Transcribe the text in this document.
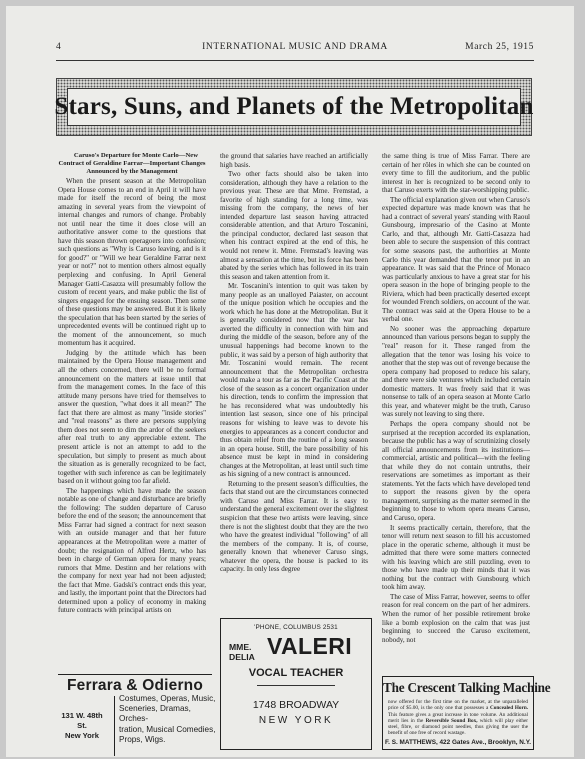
4	INTERNATIONAL MUSIC AND DRAMA	March 25, 1915
Stars, Suns, and Planets of the Metropolitan

Caruso's Departure for Monte Carlo—New Contract of Geraldine Farrar—Important Changes Announced by the Management

When the present season at the Metropolitan Opera House comes to an end in April it will have made for itself the record of being the most amazing in several years from the viewpoint of internal changes and rumors of change. Probably not until near the time it does close will an authoritative answer come to the questions that have this season thrown operagoers into confusion; such questions as "Why is Caruso leaving, and is it for good?" or "Will we hear Geraldine Farrar next year or not?" not to mention others almost equally perplexing and confusing. In April General Manager Gatti-Casazza will presumably follow the custom of recent years, and make public the list of singers engaged for the ensuing season. Then some of these questions may be answered. But it is likely the speculation that has been started by the series of unprecedented events will be continued right up to the moment of the announcement, so much momentum has it acquired.

Judging by the attitude which has been maintained by the Opera House management and all the others concerned, there will be no formal announcement on the matters at issue until that from the management comes. In the face of this attitude many persons have tried for themselves to answer the question, "what does it all mean?" The fact that there are almost as many "inside stories" and "real reasons" as there are persons supplying them does not seem to dim the ardor of the seekers after real truth to any appreciable extent. The present article is not an attempt to add to the speculation, but simply to present as much about the situation as is generally recognized to be fact, together with such inference as can be legitimately based on it without going too far afield.

The happenings which have made the season notable as one of change and disturbance are briefly the following: The sudden departure of Caruso before the end of the season; the announcement that Miss Farrar had signed a contract for next season with an outside manager and that her future appearances at the Metropolitan were a matter of doubt; the resignation of Alfred Hertz, who has been in charge of German opera for many years; rumors that Mme. Destinn and her relations with the company for next year had not been adjusted; the fact that Mme. Gadski's contract ends this year, and lastly, the important point that the Directors had determined upon a policy of economy in making future contracts with principal artists on

the ground that salaries have reached an artificially high basis.

Two other facts should also be taken into consideration, although they have a relation to the previous year. These are that Mme. Fremstad, a favorite of high standing for a long time, was missing from the company, the news of her intended departure last season having attracted considerable attention, and that Arturo Toscanini, the principal conductor, declared last season that when his contract expired at the end of this, he would not renew it. Mme. Fremstad's leaving was almost a sensation at the time, but its force has been abated by the series which has followed in its train this season and taken attention from it.

Mr. Toscanini's intention to quit was taken by many people as an unalloyed Paiaster, on account of the unique position which he occupies and the work which he has done at the Metropolitan. But it is generally considered now that the war has averted the difficulty in connection with him and during the middle of the season, before any of the unusual happenings had become known to the public, it was said by a person of high authority that Mr. Toscanini would remain. The recent announcement that the Metropolitan orchestra would make a tour as far as the Pacific Coast at the close of the season as a concert organization under his direction, tends to confirm the impression that he has reconsidered what was undoubtedly his intention last season, since one of his principal reasons for wishing to leave was to devote his energies to appearances as a concert conductor and thus obtain relief from the routine of a long season in an opera house. Still, the bare possibility of his absence must be kept in mind in considering changes at the Metropolitan, at least until such time as his signing of a new contract is announced.

Returning to the present season's difficulties, the facts that stand out are the circumstances connected with Caruso and Miss Farrar. It is easy to understand the general excitement over the slightest suspicion that these two artists were leaving, since there is not the slightest doubt that they are the two who have the greatest individual "following" of all the members of the company. It is, of course, generally known that whenever Caruso sings, whatever the opera, the house is packed to its capacity. In only less degree

the same thing is true of Miss Farrar. There are certain of her rôles in which she can be counted on every time to fill the auditorium, and the public interest in her is recognized to be second only to that Caruso exerts with the star-worshipping public.

The official explanation given out when Caruso's expected departure was made known was that he had a contract of several years' standing with Raoul Gunsbourg, impresario of the Casino at Monte Carlo, and that, although Mr. Gatti-Casazza had been able to secure the suspension of this contract for some seasons past, the authorities at Monte Carlo this year demanded that the tenor put in an appearance. It was said that the Prince of Monaco was particularly anxious to have a great star for his opera season in the hope of bringing people to the Riviera, which had been practically deserted except for wounded French soldiers, on account of the war. The contract was said at the Opera House to be a verbal one.

No sooner was the approaching departure announced than various persons began to supply the "real" reason for it. These ranged from the allegation that the tenor was losing his voice to another that the step was out of revenge because the opera company had proposed to reduce his salary, and there were side ventures which included certain domestic matters. It was freely said that it was nonsense to talk of an opera season at Monte Carlo this year, and whatever might be the truth, Caruso was surely not leaving to sing there.

Perhaps the opera company should not be surprised at the reception accorded its explanation, because the public has a way of scrutinizing closely all official announcements from its institutions—commercial, artistic and political—with the feeling that while they do not contain untruths, their reservations are sometimes as important as their statements. Yet the facts which have developed tend to support the reasons given by the opera management, surprising as the matter seemed in the beginning to those to whom opera means Caruso, and Caruso, opera.

It seems practically certain, therefore, that the tenor will return next season to fill his accustomed place in the operatic scheme, although it must be admitted that there were some matters connected with his leaving which are still puzzling, even to those who have made up their minds that it was nothing but the contract with Gunsbourg which took him away.

The case of Miss Farrar, however, seems to offer reason for real concern on the part of her admirers. When the rumor of her possible retirement broke like a bomb explosion on the calm that was just beginning to succeed the Caruso excitement, nobody, not

Ferrara & Odierno
131 W. 48th St.
New York
Costumes, Operas, Music,
Sceneries, Dramas, Orches-
tration, Musical Comedies,
Props, Wigs.
'PHONE, COLUMBUS 2531
MME.
DELIA VALERI
VOCAL TEACHER
1748 BROADWAY
NEW YORK
The Crescent Talking Machine
now offered for the first time on the market, at the unparalleled price of $5.00, is the only one that possesses a Concealed Horn. This feature gives a great increase in tone volume. An additional merit lies in the Reversible Sound Box, which will play either steel, fibre, or diamond point needles, thus giving the user the benefit of one free of record wastage.
F. S. MATTHEWS, 422 Gates Ave., Brooklyn, N.Y.
